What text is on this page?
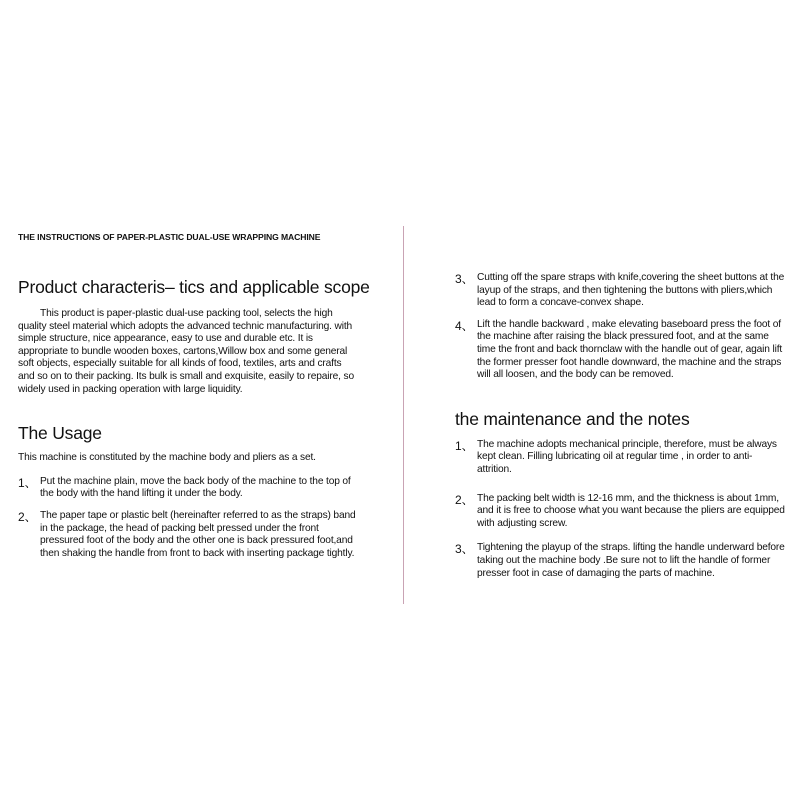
THE INSTRUCTIONS OF PAPER-PLASTIC DUAL-USE WRAPPING MACHINE
Product characteris– tics and applicable scope

This product is paper-plastic dual-use packing tool, selects the high quality steel material which adopts the advanced technic manufacturing. with simple structure, nice appearance, easy to use and durable etc. It is appropriate to bundle wooden boxes, cartons,Willow box and some general soft objects, especially suitable for all kinds of food, textiles, arts and crafts and so on to their packing. Its bulk is small and exquisite, easily to repaire, so widely used in packing operation with large liquidity.

The Usage

This machine is constituted by the machine body and pliers as a set.

1、 Put the machine plain, move the back body of the machine to the top of the body with the hand lifting it under the body.

2、 The paper tape or plastic belt (hereinafter referred to as the straps) band in the package, the head of packing belt pressed under the front pressured foot of the body and the other one is back pressured foot,and then shaking the handle from front to back with inserting package tightly.

3、 Cutting off the spare straps with knife,covering the sheet buttons at the layup of the straps, and then tightening the buttons with pliers,which lead to form a concave-convex shape.

4、 Lift the handle backward , make elevating baseboard press the foot of the machine after raising the black pressured foot, and at the same time the front and back thornclaw with the handle out of gear, again lift the former presser foot handle downward, the machine and the straps will all loosen, and the body can be removed.

the maintenance and the notes
1、 The machine adopts mechanical principle, therefore, must be always kept clean. Filling lubricating oil at regular time , in order to anti-attrition.

2、 The packing belt width is 12-16 mm, and the thickness is about 1mm, and it is free to choose what you want because the pliers are equipped with adjusting screw.

3、 Tightening the playup of the straps. lifting the handle underward before taking out the machine body .Be sure not to lift the handle of former presser foot in case of damaging the parts of machine.
